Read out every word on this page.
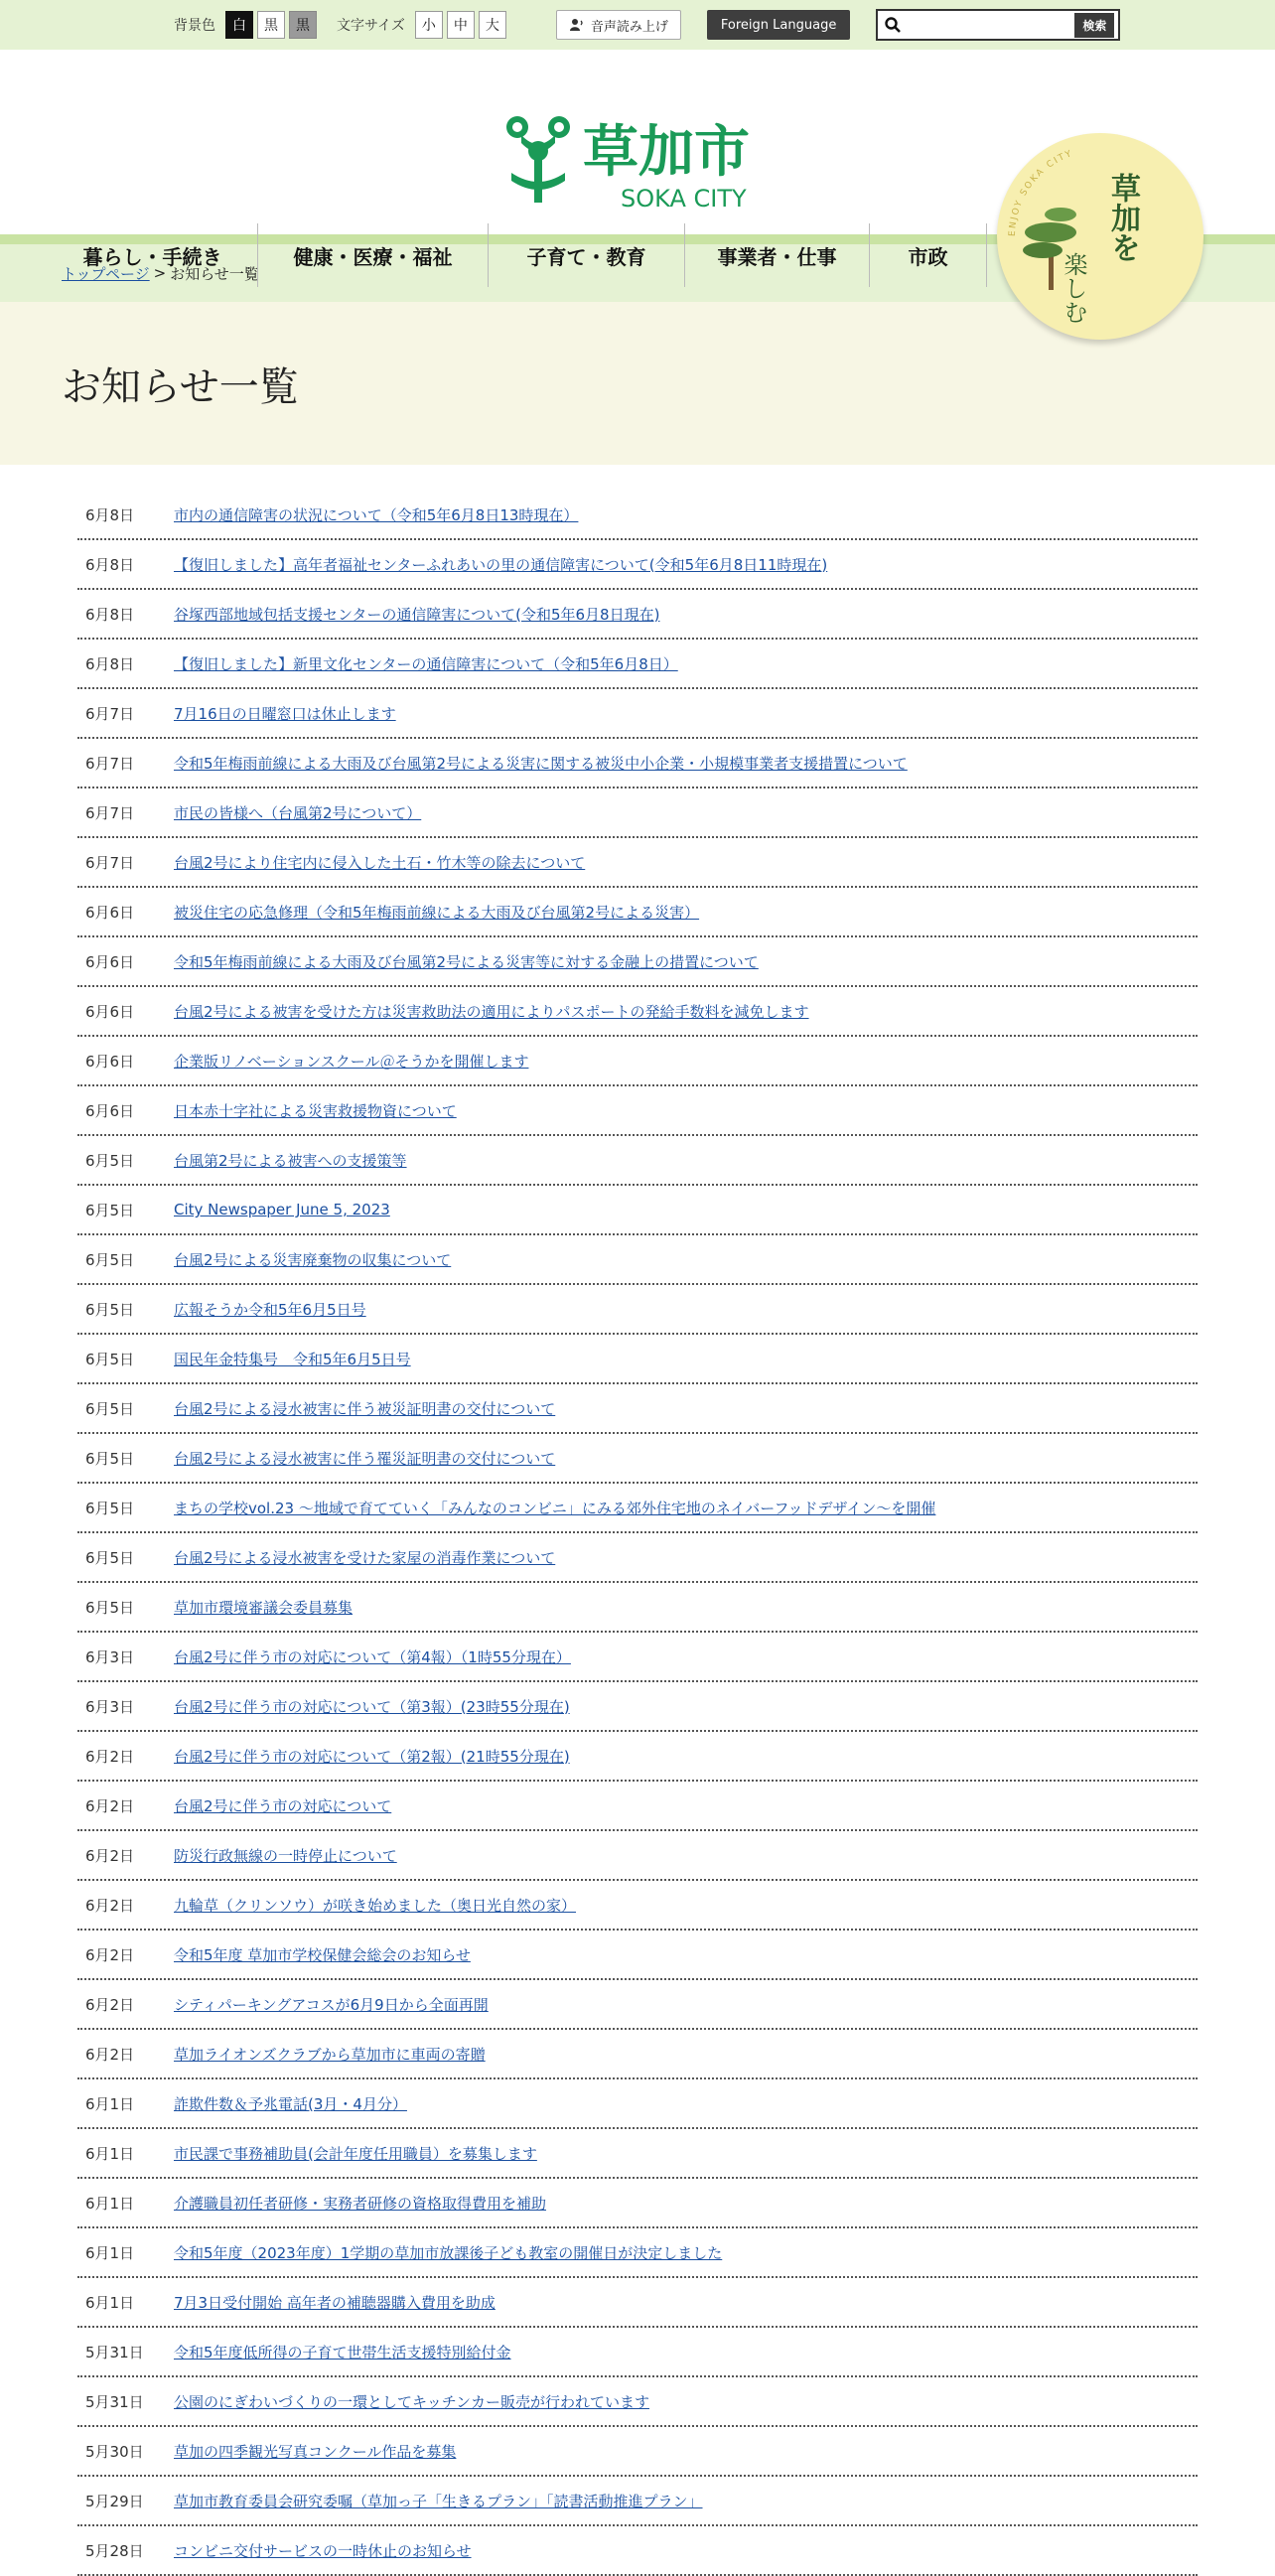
背景色	白	黒	黒	文字サイズ	小	中	大	音声読み上げ	Foreign Language	検索
草加市
SOKA CITY
暮らし・手続き	健康・医療・福祉	子育て・教育	事業者・仕事	市政
ENJOY SOKA CITY
草加を
楽しむ
トップページ > お知らせ一覧
お知らせ一覧
6月8日	市内の通信障害の状況について（令和5年6月8日13時現在）
6月8日	【復旧しました】高年者福祉センターふれあいの里の通信障害について(令和5年6月8日11時現在)
6月8日	谷塚西部地域包括支援センターの通信障害について(令和5年6月8日現在)
6月8日	【復旧しました】新里文化センターの通信障害について（令和5年6月8日）
6月7日	7月16日の日曜窓口は休止します
6月7日	令和5年梅雨前線による大雨及び台風第2号による災害に関する被災中小企業・小規模事業者支援措置について
6月7日	市民の皆様へ（台風第2号について）
6月7日	台風2号により住宅内に侵入した土石・竹木等の除去について
6月6日	被災住宅の応急修理（令和5年梅雨前線による大雨及び台風第2号による災害）
6月6日	令和5年梅雨前線による大雨及び台風第2号による災害等に対する金融上の措置について
6月6日	台風2号による被害を受けた方は災害救助法の適用によりパスポートの発給手数料を減免します
6月6日	企業版リノベーションスクール＠そうかを開催します
6月6日	日本赤十字社による災害救援物資について
6月5日	台風第2号による被害への支援策等
6月5日	City Newspaper June 5, 2023
6月5日	台風2号による災害廃棄物の収集について
6月5日	広報そうか令和5年6月5日号
6月5日	国民年金特集号　令和5年6月5日号
6月5日	台風2号による浸水被害に伴う被災証明書の交付について
6月5日	台風2号による浸水被害に伴う罹災証明書の交付について
6月5日	まちの学校vol.23 ～地域で育てていく「みんなのコンビニ」にみる郊外住宅地のネイバーフッドデザイン～を開催
6月5日	台風2号による浸水被害を受けた家屋の消毒作業について
6月5日	草加市環境審議会委員募集
6月3日	台風2号に伴う市の対応について（第4報）（1時55分現在）
6月3日	台風2号に伴う市の対応について（第3報）(23時55分現在)
6月2日	台風2号に伴う市の対応について（第2報）(21時55分現在)
6月2日	台風2号に伴う市の対応について
6月2日	防災行政無線の一時停止について
6月2日	九輪草（クリンソウ）が咲き始めました（奥日光自然の家）
6月2日	令和5年度 草加市学校保健会総会のお知らせ
6月2日	シティパーキングアコスが6月9日から全面再開
6月2日	草加ライオンズクラブから草加市に車両の寄贈
6月1日	詐欺件数＆予兆電話(3月・4月分）
6月1日	市民課で事務補助員(会計年度任用職員）を募集します
6月1日	介護職員初任者研修・実務者研修の資格取得費用を補助
6月1日	令和5年度（2023年度）1学期の草加市放課後子ども教室の開催日が決定しました
6月1日	7月3日受付開始 高年者の補聴器購入費用を助成
5月31日	令和5年度低所得の子育て世帯生活支援特別給付金
5月31日	公園のにぎわいづくりの一環としてキッチンカー販売が行われています
5月30日	草加の四季観光写真コンクール作品を募集
5月29日	草加市教育委員会研究委嘱（草加っ子「生きるプラン」「読書活動推進プラン」
5月28日	コンビニ交付サービスの一時休止のお知らせ
